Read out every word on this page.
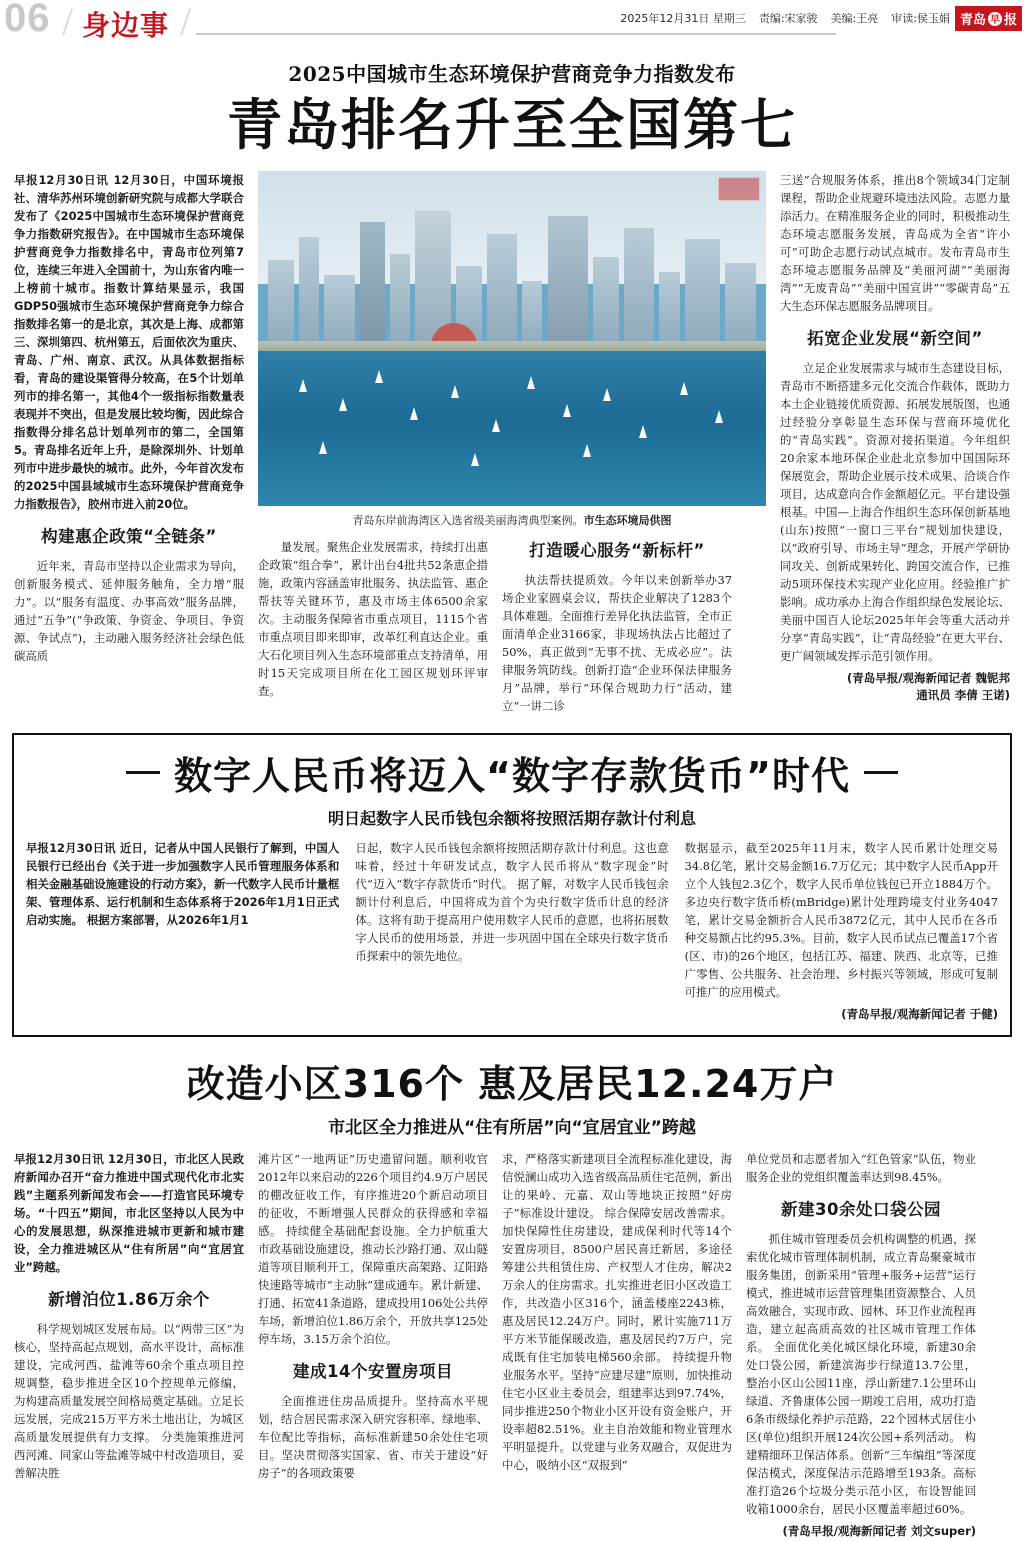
06 / 身边事 /	2025年12月31日 星期三 责编:宋家骏 美编:王亮 审读:侯玉娟 青岛 早 报
2025中国城市生态环境保护营商竞争力指数发布
青岛排名升至全国第七

早报12月30日讯 12月30日，中国环境报社、清华苏州环境创新研究院与成都大学联合发布了《2025中国城市生态环境保护营商竞争力指数研究报告》。在中国城市生态环境保护营商竞争力指数排名中，青岛市位列第7位，连续三年进入全国前十，为山东省内唯一上榜前十城市。指数计算结果显示，我国GDP50强城市生态环境保护营商竞争力综合指数排名第一的是北京，其次是上海、成都第三、深圳第四、杭州第五，后面依次为重庆、青岛、广州、南京、武汉。从具体数据指标看，青岛的建设渠管得分较高，在5个计划单列市的排名第一，其他4个一级指标指数量表表现并不突出，但是发展比较均衡，因此综合指数得分排名总计划单列市的第二，全国第5。青岛排名近年上升，是除深圳外、计划单列市中进步最快的城市。此外，今年首次发布的2025中国县域城市生态环境保护营商竞争力指数报告》，胶州市进入前20位。

构建惠企政策“全链条”

近年来，青岛市坚持以企业需求为导向，创新服务模式、延伸服务触角，全力增“服力”。以“服务有温度、办事高效”服务品牌，通过“五争”(“争政策、争资金、争项目、争资源、争试点”)，主动融入服务经济社会绿色低碳高质

青岛东岸前海湾区入选省级美丽海湾典型案例。市生态环境局供图

量发展。聚焦企业发展需求，持续打出惠企政策“组合拳”，累计出台4批共52条恵企措施，政策内容涵盖审批服务、执法监管、惠企帮扶等关键环节，惠及市场主体6500余家次。主动服务保障省市重点项目，1115个省市重点项目即来即审，改革红利直达企业。重大石化项目列入生态环境部重点支持清单，用时15天完成项目所在化工园区规划环评审查。

打造暖心服务“新标杆”

执法帮扶提质效。今年以来创新举办37场企业家圆桌会议，帮扶企业解决了1283个具体难题。全面推行差异化执法监管，全市正面清单企业3166家，非现场执法占比超过了50%，真正做到“无事不扰、无成必应”。法律服务筑防线。创新打造“企业环保法律服务月”品牌，举行“环保合规助力行”活动，建立“一讲二诊

三送”合规服务体系，推出8个领域34门定制课程，帮助企业规避环境违法风险。志愿力量添活力。在精准服务企业的同时，积极推动生态环境志愿服务发展，青岛成为全省“许小可”可助企志愿行动试点城市。发布青岛市生态环境志愿服务品牌及“美丽河湖”“美丽海湾”“无废青岛”“美丽中国宣讲”“零碳青岛”五大生态环保志愿服务品牌项目。

拓宽企业发展“新空间”

立足企业发展需求与城市生态建设目标，青岛市不断搭建多元化交流合作载体，既助力本土企业链接优质资源、拓展发展版图，也通过经验分享彰显生态环保与营商环境优化的“青岛实践”。资源对接拓渠道。今年组织20余家本地环保企业赴北京参加中国国际环保展览会，帮助企业展示技术成果、洽谈合作项目，达成意向合作金额超亿元。平台建设强根基。中国—上海合作组织生态环保创新基地(山东)按照“一窗口三平台”规划加快建设，以“政府引导、市场主导”理念，开展产学研协同攻关、创新成果转化、跨国交流合作，已推动5项环保技术实现产业化应用。经验推广扩影响。成功承办上海合作组织绿色发展论坛、美丽中国百人论坛2025年年会等重大活动并分享“青岛实践”，让“青岛经验”在更大平台、更广阔领域发挥示范引领作用。

(青岛早报/观海新闻记者 魏铌邦
通讯员 李倩 王诺)
数字人民币将迈入“数字存款货币”时代
明日起数字人民币钱包余额将按照活期存款计付利息

早报12月30日讯 近日，记者从中国人民银行了解到，中国人民银行已经出台《关于进一步加强数字人民币管理服务体系和相关金融基础设施建设的行动方案》，新一代数字人民币计量框架、管理体系、运行机制和生态体系将于2026年1月1日正式启动实施。 根据方案部署，从2026年1月1

日起，数字人民币钱包余额将按照活期存款计付利息。这也意味着，经过十年研发试点，数字人民币将从“数字现金”时代“迈入“数字存款货币”时代。 据了解，对数字人民币钱包余额计付利息后，中国将成为首个为央行数字货币计息的经济体。这将有助于提高用户使用数字人民币的意愿，也将拓展数字人民币的使用场景，并进一步巩固中国在全球央行数字货币币探索中的领先地位。

数据显示，截至2025年11月末，数字人民币累计处理交易34.8亿笔，累计交易金额16.7万亿元；其中数字人民币App开立个人钱包2.3亿个，数字人民币单位钱包已开立1884万个。多边央行数字货币桥(mBridge)累计处理跨境支付业务4047笔，累计交易金额折合人民币3872亿元，其中人民币在各币种交易额占比约95.3%。目前，数字人民币试点已覆盖17个省(区、市)的26个地区，包括江苏、福建、陕西、北京等，已推广零售、公共服务、社会治理、乡村振兴等领域，形成可复制可推广的应用模式。

(青岛早报/观海新闻记者 于健)
改造小区316个 惠及居民12.24万户
市北区全力推进从“住有所居”向“宜居宜业”跨越

早报12月30日讯 12月30日，市北区人民政府新闻办召开“奋力推进中国式现代化市北实践”主题系列新闻发布会——打造官民环境专场。“十四五”期间，市北区坚持以人民为中心的发展思想，纵深推进城市更新和城市建设，全力推进城区从“住有所居”向“宜居宜业”跨越。

新增泊位1.86万余个

科学规划城区发展布局。以“两带三区”为核心，坚持高起点规划，高水平设计，高标准建设，完成河西、盐滩等60余个重点项目控规调整，稳步推进全区10个控规单元修编，为构建高质量发展空间格局奠定基础。立足长远发展，完成215万平方米土地出让，为城区高质量发展提供有力支撑。 分类施策推进河西河滩、同家山等盐滩等城中村改造项目，妥善解决胜

滩片区“一地两证”历史遗留问题。顺利收官2012年以来启动的226个项目约4.9万户居民的棚改征收工作，有序推进20个新启动项目的征收，不断增强人民群众的获得感和幸福感。 持续健全基础配套设施。全力护航重大市政基础设施建设，推动长沙路打通、双山隧道等项目顺利开工，保障重庆高架路、辽阳路快速路等城市“主动脉”建成通车。累计新建、打通、拓宽41条道路，建成投用106处公共停车场，新增泊位1.86万余个，开放共享125处停车场，3.15万余个泊位。

建成14个安置房项目

全面推进住房品质提升。坚持高水平规划，结合居民需求深入研究容积率、绿地率、车位配比等指标，高标准新建50余处住宅项目。坚决贯彻落实国家、省、市关于建设“好房子”的各项政策要

求，严格落实新建项目全流程标准化建设，海信悦澜山成功入选省级高品质住宅范例，新出让的果岭、元嘉、双山等地块正按照“好房子”标准设计建设。 综合保障安居改善需求。加快保障性住房建设，建成保利时代等14个安置房项目，8500户居民喜迁新居，多途径筹建公共租赁住房、产权型人才住房，解决2万余人的住房需求。扎实推进老旧小区改造工作，共改造小区316个，涵盖楼座2243栋，惠及居民12.24万户。同时，累计实施711万平方米节能保暖改造，惠及居民约7万户，完成既有住宅加装电梯560余部。 持续提升物业服务水平。坚持“应建尽建”原则，加快推动住宅小区业主委员会，组建率达到97.74%，同步推进250个物业小区开设有资金账户，开设率超82.51%。业主自治效能和物业管理水平明显提升。以党建与业务双融合，双促进为中心，吸纳小区“双报到”

单位党员和志愿者加入“红色管家”队伍，物业服务企业的党组织覆盖率达到98.45%。

新建30余处口袋公园

抓住城市管理委员会机构调整的机遇，探索优化城市管理体制机制，成立青岛聚豪城市服务集团，创新采用“管理+服务+运营”运行模式，推进城市运营管理集团资源整合、人员高效融合，实现市政、园林、环卫作业流程再造，建立起高质高效的社区城市管理工作体系。 全面优化美化城区绿化环境，新建30余处口袋公园，新建滨海步行绿道13.7公里，整治小区山公园11座，浮山新建7.1公里环山绿道、齐鲁康体公园一期竣工启用，成功打造6条市级绿化养护示范路，22个园林式居住小区(单位)组织开展124次公园+系列活动。 构建精细环卫保洁体系。创新“三车编组”等深度保洁模式，深度保洁示范路增至193条。高标准打造26个垃圾分类示范小区，布设智能回收箱1000余台，居民小区覆盖率超过60%。

(青岛早报/观海新闻记者 刘文super)
